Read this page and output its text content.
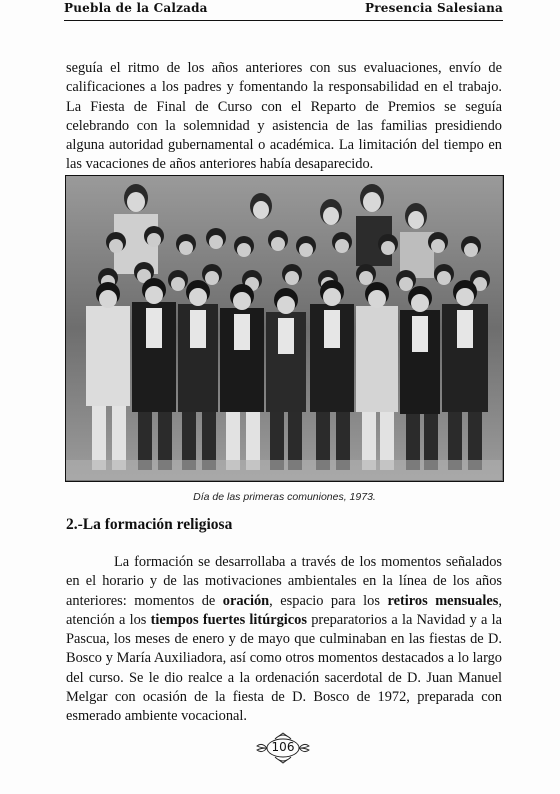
Puebla de la Calzada	Presencia Salesiana
seguía el ritmo de los años anteriores con sus evaluaciones, envío de calificaciones a los padres y fomentando la responsabilidad en el trabajo. La Fiesta de Final de Curso con el Reparto de Premios se seguía celebrando con la solemnidad y asistencia de las familias presidiendo alguna autoridad gubernamental o académica. La limitación del tiempo en las vacaciones de años anteriores había desaparecido.
Día de las primeras comuniones, 1973.
2.-La formación religiosa
La formación se desarrollaba a través de los momentos señalados en el horario y de las motivaciones ambientales en la línea de los años anteriores: momentos de oración, espacio para los retiros mensuales, atención a los tiempos fuertes litúrgicos preparatorios a la Navidad y a la Pascua, los meses de enero y de mayo que culminaban en las fiestas de D. Bosco y María Auxiliadora, así como otros momentos destacados a lo largo del curso. Se le dio realce a la ordenación sacerdotal de D. Juan Manuel Melgar con ocasión de la fiesta de D. Bosco de 1972, preparada con esmerado ambiente vocacional.
106
